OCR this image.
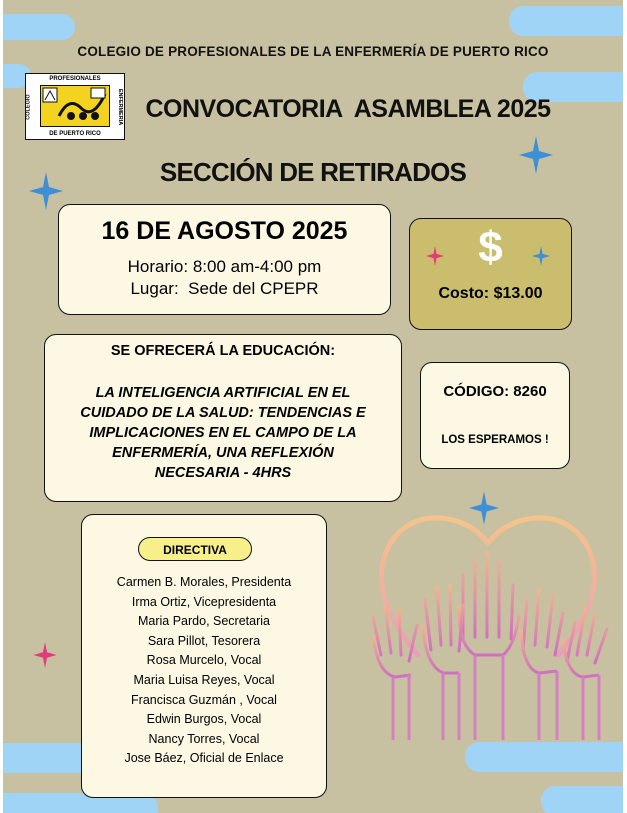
COLEGIO DE PROFESIONALES DE LA ENFERMERÍA DE PUERTO RICO
PROFESIONALES
COLEGIO	ENFERMERIA
DE PUERTO RICO
CONVOCATORIA  ASAMBLEA 2025
SECCIÓN DE RETIRADOS
16 DE AGOSTO 2025
Horario: 8:00 am-4:00 pm
Lugar:  Sede del CPEPR
$
Costo: $13.00
SE OFRECERÁ LA EDUCACIÓN:
LA INTELIGENCIA ARTIFICIAL EN EL
CUIDADO DE LA SALUD: TENDENCIAS E
IMPLICACIONES EN EL CAMPO DE LA
ENFERMERÍA, UNA REFLEXIÓN
NECESARIA - 4HRS
CÓDIGO: 8260
LOS ESPERAMOS !
DIRECTIVA
Carmen B. Morales, Presidenta
Irma Ortiz, Vicepresidenta
Maria Pardo, Secretaria
Sara Pillot, Tesorera
Rosa Murcelo, Vocal
Maria Luisa Reyes, Vocal
Francisca Guzmán , Vocal
Edwin Burgos, Vocal
Nancy Torres, Vocal
Jose Báez, Oficial de Enlace
